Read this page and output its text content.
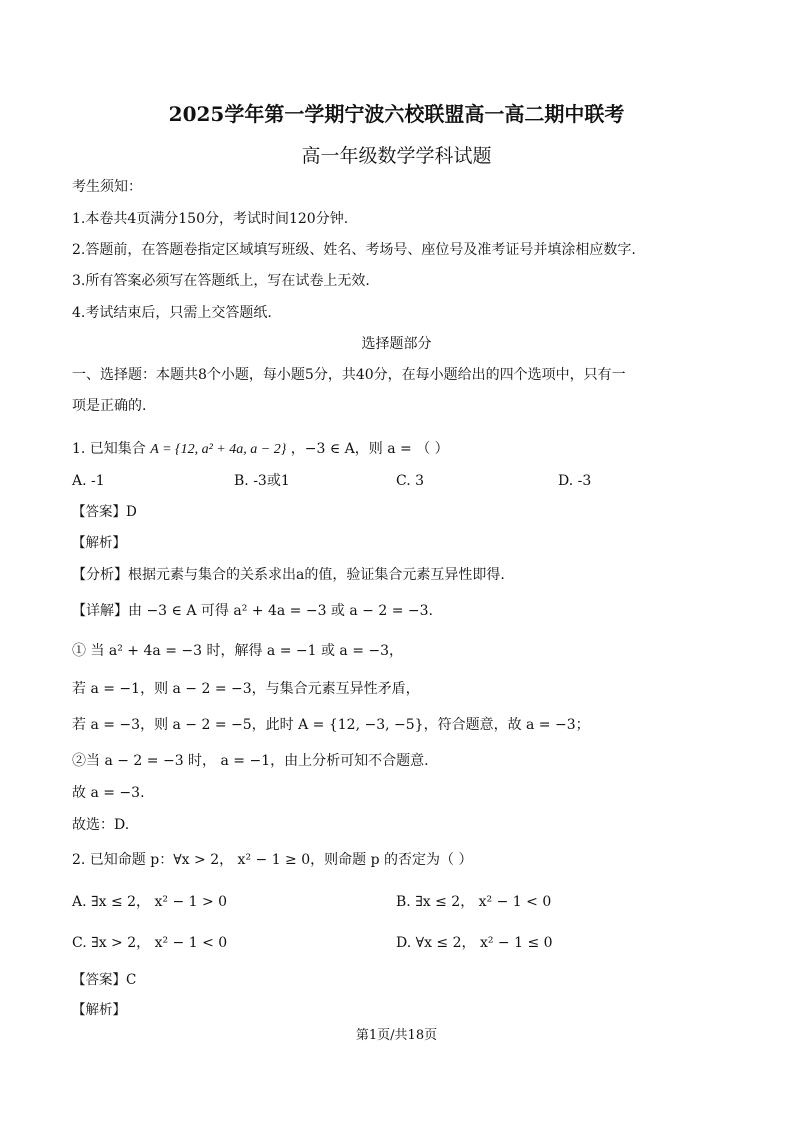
2025学年第一学期宁波六校联盟高一高二期中联考
高一年级数学学科试题
考生须知：
1.本卷共4页满分150分，考试时间120分钟.
2.答题前，在答题卷指定区域填写班级、姓名、考场号、座位号及准考证号并填涂相应数字.
3.所有答案必须写在答题纸上，写在试卷上无效.
4.考试结束后，只需上交答题纸.
选择题部分
一、选择题：本题共8个小题，每小题5分，共40分，在每小题给出的四个选项中，只有一
项是正确的.
1. 已知集合 A = {12, a² + 4a, a − 2} ，−3 ∈ A，则 a = （ ）
A. -1	B. -3或1	C. 3	D. -3
【答案】D
【解析】
【分析】根据元素与集合的关系求出a的值，验证集合元素互异性即得.
【详解】由 −3 ∈ A 可得 a² + 4a = −3 或 a − 2 = −3.
① 当 a² + 4a = −3 时，解得 a = −1 或 a = −3，
若 a = −1，则 a − 2 = −3，与集合元素互异性矛盾，
若 a = −3，则 a − 2 = −5，此时 A = {12, −3, −5}，符合题意，故 a = −3；
②当 a − 2 = −3 时， a = −1，由上分析可知不合题意.
故 a = −3.
故选：D.
2. 已知命题 p：∀x > 2， x² − 1 ≥ 0，则命题 p 的否定为（ ）
A. ∃x ≤ 2， x² − 1 > 0	B. ∃x ≤ 2， x² − 1 < 0
C. ∃x > 2， x² − 1 < 0	D. ∀x ≤ 2， x² − 1 ≤ 0
【答案】C
【解析】
第1页/共18页
